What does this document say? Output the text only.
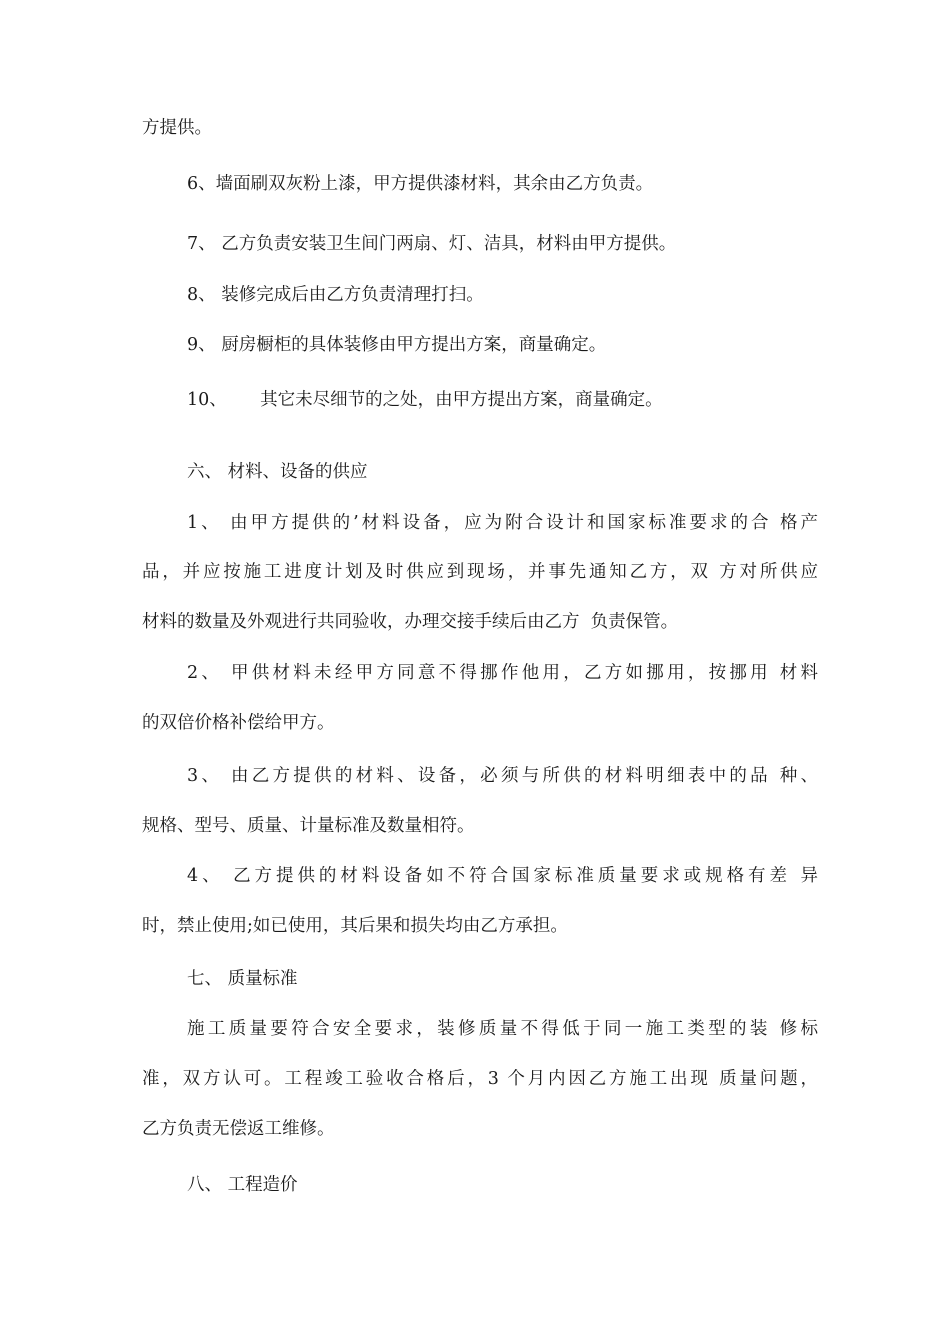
方提供。
6、墙面刷双灰粉上漆，甲方提供漆材料，其余由乙方负责。
7、 乙方负责安装卫生间门两扇、灯、洁具，材料由甲方提供。
8、 装修完成后由乙方负责清理打扫。
9、 厨房橱柜的具体装修由甲方提出方案，商量确定。
10、      其它未尽细节的之处，由甲方提出方案，商量确定。
六、 材料、设备的供应
1、 由甲方提供的’材料设备，应为附合设计和国家标准要求的合 格产
品，并应按施工进度计划及时供应到现场，并事先通知乙方，双 方对所供应
材料的数量及外观进行共同验收，办理交接手续后由乙方  负责保管。
2、 甲供材料未经甲方同意不得挪作他用，乙方如挪用，按挪用 材料
的双倍价格补偿给甲方。
3、 由乙方提供的材料、设备，必须与所供的材料明细表中的品 种、
规格、型号、质量、计量标准及数量相符。
4、 乙方提供的材料设备如不符合国家标准质量要求或规格有差 异
时，禁止使用;如已使用，其后果和损失均由乙方承担。
七、 质量标准
施工质量要符合安全要求，装修质量不得低于同一施工类型的装 修标
准，双方认可。工程竣工验收合格后，3 个月内因乙方施工出现 质量问题，
乙方负责无偿返工维修。
八、 工程造价
